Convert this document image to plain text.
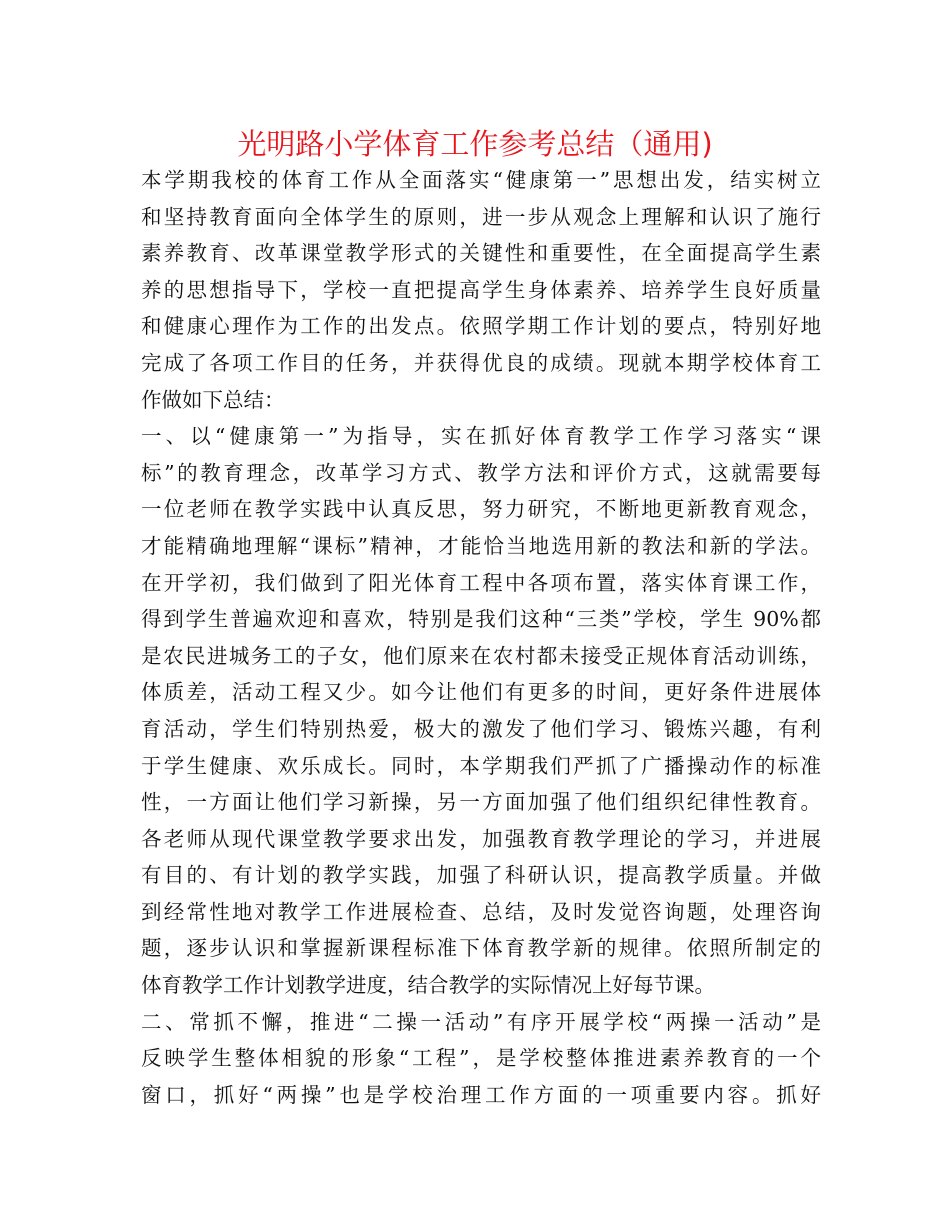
光明路小学体育工作参考总结（通用)
本学期我校的体育工作从全面落实“健康第一”思想出发，结实树立
和坚持教育面向全体学生的原则，进一步从观念上理解和认识了施行
素养教育、改革课堂教学形式的关键性和重要性，在全面提高学生素
养的思想指导下，学校一直把提高学生身体素养、培养学生良好质量
和健康心理作为工作的出发点。依照学期工作计划的要点，特别好地
完成了各项工作目的任务，并获得优良的成绩。现就本期学校体育工
作做如下总结：
一、以“健康第一”为指导，实在抓好体育教学工作学习落实“课
标”的教育理念，改革学习方式、教学方法和评价方式，这就需要每
一位老师在教学实践中认真反思，努力研究，不断地更新教育观念，
才能精确地理解“课标”精神，才能恰当地选用新的教法和新的学法。
在开学初，我们做到了阳光体育工程中各项布置，落实体育课工作，
得到学生普遍欢迎和喜欢，特别是我们这种“三类”学校，学生 90%都
是农民进城务工的子女，他们原来在农村都未接受正规体育活动训练，
体质差，活动工程又少。如今让他们有更多的时间，更好条件进展体
育活动，学生们特别热爱，极大的激发了他们学习、锻炼兴趣，有利
于学生健康、欢乐成长。同时，本学期我们严抓了广播操动作的标准
性，一方面让他们学习新操，另一方面加强了他们组织纪律性教育。
各老师从现代课堂教学要求出发，加强教育教学理论的学习，并进展
有目的、有计划的教学实践，加强了科研认识，提高教学质量。并做
到经常性地对教学工作进展检查、总结，及时发觉咨询题，处理咨询
题，逐步认识和掌握新课程标准下体育教学新的规律。依照所制定的
体育教学工作计划教学进度，结合教学的实际情况上好每节课。
二、常抓不懈，推进“二操一活动”有序开展学校“两操一活动”是
反映学生整体相貌的形象“工程”，是学校整体推进素养教育的一个
窗口，抓好“两操”也是学校治理工作方面的一项重要内容。抓好
